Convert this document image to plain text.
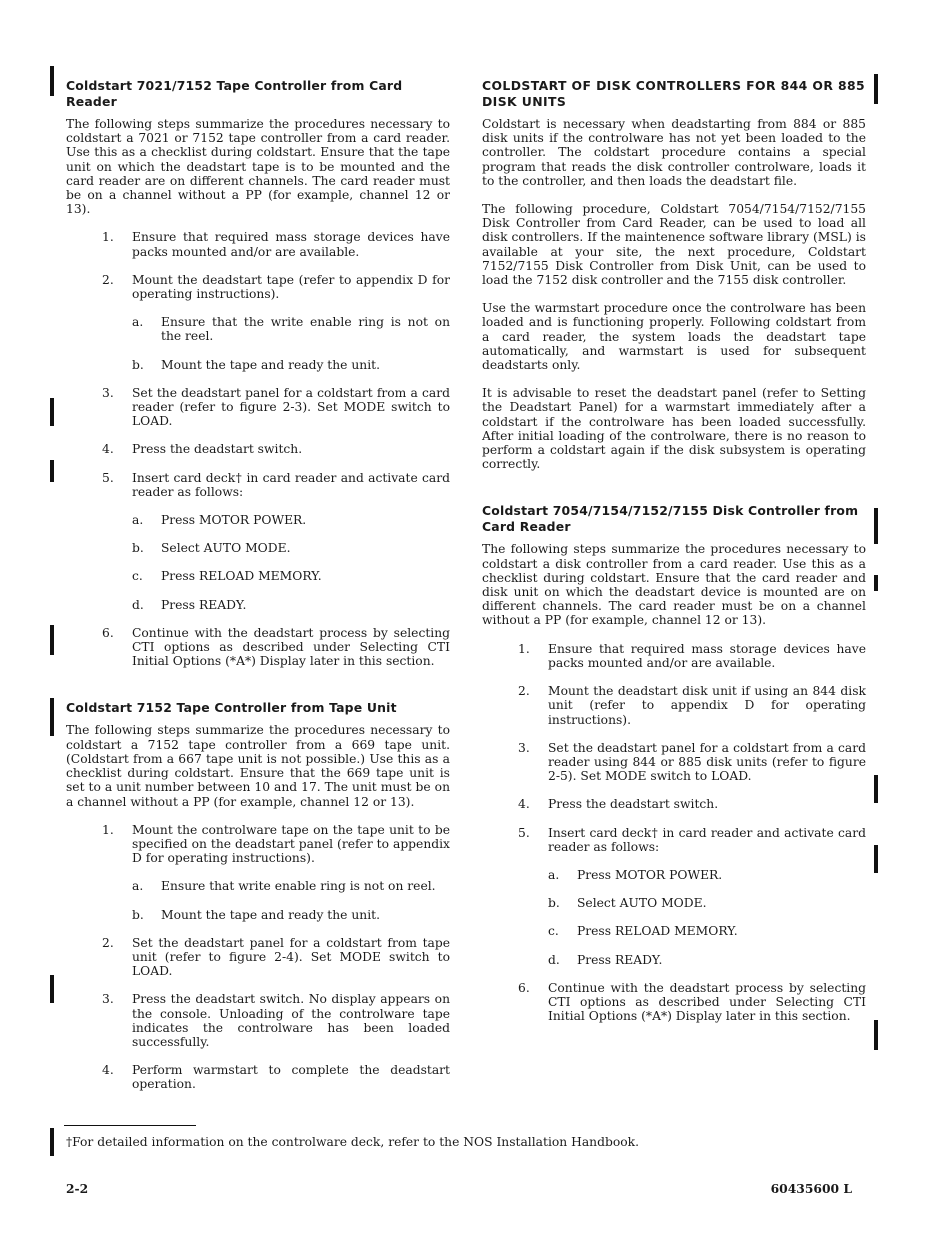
Coldstart 7021/7152 Tape Controller from Card Reader

The following steps summarize the procedures necessary to coldstart a 7021 or 7152 tape controller from a card reader. Use this as a checklist during coldstart. Ensure that the tape unit on which the deadstart tape is to be mounted and the card reader are on different channels. The card reader must be on a channel without a PP (for example, channel 12 or 13).

1.	Ensure that required mass storage devices have packs mounted and/or are available.
2.	Mount the deadstart tape (refer to appendix D for operating instructions).
a.	Ensure that the write enable ring is not on the reel.
b.	Mount the tape and ready the unit.
3.	Set the deadstart panel for a coldstart from a card reader (refer to figure 2-3). Set MODE switch to LOAD.
4.	Press the deadstart switch.
5.	Insert card deck† in card reader and activate card reader as follows:
a.	Press MOTOR POWER.
b.	Select AUTO MODE.
c.	Press RELOAD MEMORY.
d.	Press READY.
6.	Continue with the deadstart process by selecting CTI options as described under Selecting CTI Initial Options (*A*) Display later in this section.
Coldstart 7152 Tape Controller from Tape Unit

The following steps summarize the procedures necessary to coldstart a 7152 tape controller from a 669 tape unit. (Coldstart from a 667 tape unit is not possible.) Use this as a checklist during coldstart. Ensure that the 669 tape unit is set to a unit number between 10 and 17. The unit must be on a channel without a PP (for example, channel 12 or 13).

1.	Mount the controlware tape on the tape unit to be specified on the deadstart panel (refer to appendix D for operating instructions).
a.	Ensure that write enable ring is not on reel.
b.	Mount the tape and ready the unit.
2.	Set the deadstart panel for a coldstart from tape unit (refer to figure 2-4). Set MODE switch to LOAD.
3.	Press the deadstart switch. No display appears on the console. Unloading of the controlware tape indicates the controlware has been loaded successfully.
4.	Perform warmstart to complete the deadstart operation.
COLDSTART OF DISK CONTROLLERS FOR 844 OR 885 DISK UNITS

Coldstart is necessary when deadstarting from 884 or 885 disk units if the controlware has not yet been loaded to the controller. The coldstart procedure contains a special program that reads the disk controller controlware, loads it to the controller, and then loads the deadstart file.

The following procedure, Coldstart 7054/7154/7152/7155 Disk Controller from Card Reader, can be used to load all disk controllers. If the maintenence software library (MSL) is available at your site, the next procedure, Coldstart 7152/7155 Disk Controller from Disk Unit, can be used to load the 7152 disk controller and the 7155 disk controller.

Use the warmstart procedure once the controlware has been loaded and is functioning properly. Following coldstart from a card reader, the system loads the deadstart tape automatically, and warmstart is used for subsequent deadstarts only.

It is advisable to reset the deadstart panel (refer to Setting the Deadstart Panel) for a warmstart immediately after a coldstart if the controlware has been loaded successfully. After initial loading of the controlware, there is no reason to perform a coldstart again if the disk subsystem is operating correctly.

Coldstart 7054/7154/7152/7155 Disk Controller from Card Reader

The following steps summarize the procedures necessary to coldstart a disk controller from a card reader. Use this as a checklist during coldstart. Ensure that the card reader and disk unit on which the deadstart device is mounted are on different channels. The card reader must be on a channel without a PP (for example, channel 12 or 13).

1.	Ensure that required mass storage devices have packs mounted and/or are available.
2.	Mount the deadstart disk unit if using an 844 disk unit (refer to appendix D for operating instructions).
3.	Set the deadstart panel for a coldstart from a card reader using 844 or 885 disk units (refer to figure 2-5). Set MODE switch to LOAD.
4.	Press the deadstart switch.
5.	Insert card deck† in card reader and activate card reader as follows:
a.	Press MOTOR POWER.
b.	Select AUTO MODE.
c.	Press RELOAD MEMORY.
d.	Press READY.
6.	Continue with the deadstart process by selecting CTI options as described under Selecting CTI Initial Options (*A*) Display later in this section.
†For detailed information on the controlware deck, refer to the NOS Installation Handbook.
2-2	60435600 L
